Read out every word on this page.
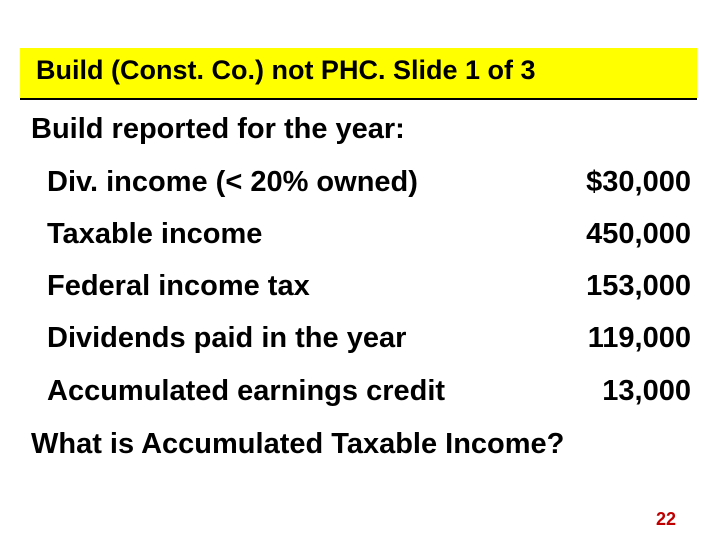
Build (Const. Co.) not PHC. Slide 1 of 3
Build reported for the year:
Div. income (< 20% owned)	$30,000
Taxable income	450,000
Federal income tax	153,000
Dividends paid in the year	119,000
Accumulated earnings credit	13,000
What is Accumulated Taxable Income?
22
